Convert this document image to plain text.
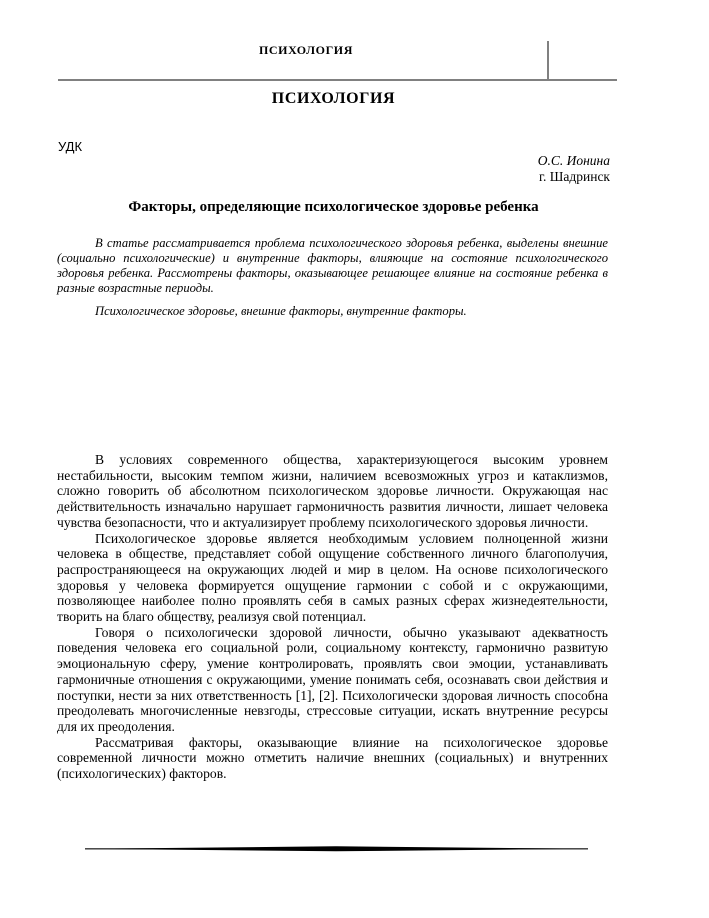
ПСИХОЛОГИЯ
ПСИХОЛОГИЯ
УДК
О.С. Ионина
г. Шадринск
Факторы, определяющие психологическое здоровье ребенка

В статье рассматривается проблема психологического здоровья ребенка, выделены внешние (социально психологические) и внутренние факторы, влияющие на состояние психологического здоровья ребенка. Рассмотрены факторы, оказывающее решающее влияние на состояние ребенка в разные возрастные периоды.

Психологическое здоровье, внешние факторы, внутренние факторы.

В условиях современного общества, характеризующегося высоким уровнем нестабильности, высоким темпом жизни, наличием всевозможных угроз и катаклизмов, сложно говорить об абсолютном психологическом здоровье личности. Окружающая нас действительность изначально нарушает гармоничность развития личности, лишает человека чувства безопасности, что и актуализирует проблему психологического здоровья личности.

Психологическое здоровье является необходимым условием полноценной жизни человека в обществе, представляет собой ощущение собственного личного благополучия, распространяющееся на окружающих людей и мир в целом. На основе психологического здоровья у человека формируется ощущение гармонии с собой и с окружающими, позволяющее наиболее полно проявлять себя в самых разных сферах жизнедеятельности, творить на благо обществу, реализуя свой потенциал.

Говоря о психологически здоровой личности, обычно указывают адекватность поведения человека его социальной роли, социальному контексту, гармонично развитую эмоциональную сферу, умение контролировать, проявлять свои эмоции, устанавливать гармоничные отношения с окружающими, умение понимать себя, осознавать свои действия и поступки, нести за них ответственность [1], [2]. Психологически здоровая личность способна преодолевать многочисленные невзгоды, стрессовые ситуации, искать внутренние ресурсы для их преодоления.

Рассматривая факторы, оказывающие влияние на психологическое здоровье современной личности можно отметить наличие внешних (социальных) и внутренних (психологических) факторов.
